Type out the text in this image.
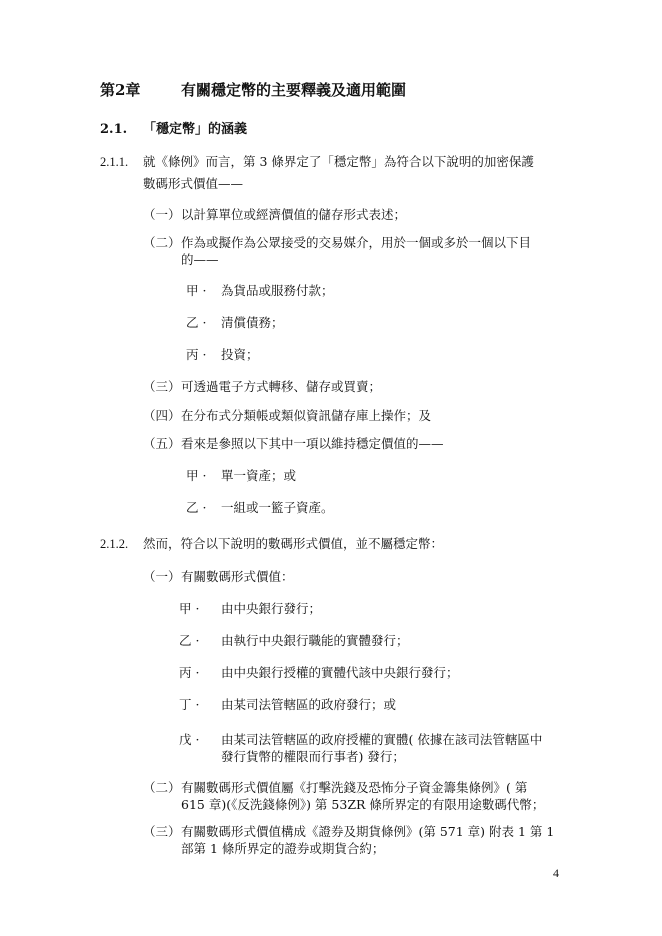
第2章	有關穩定幣的主要釋義及適用範圍
2.1. 「穩定幣」的涵義
2.1.1. 就《條例》而言，第 3 條界定了「穩定幣」為符合以下說明的加密保護
數碼形式價值——
（一） 以計算單位或經濟價值的儲存形式表述；
（二） 作為或擬作為公眾接受的交易媒介，用於一個或多於一個以下目
的——
甲 · 為貨品或服務付款；
乙 · 清償債務；
丙 · 投資；
（三） 可透過電子方式轉移、儲存或買賣；
（四） 在分布式分類帳或類似資訊儲存庫上操作；及
（五） 看來是參照以下其中一項以維持穩定價值的——
甲 · 單一資產；或
乙 · 一組或一籃子資產。
2.1.2. 然而，符合以下說明的數碼形式價值，並不屬穩定幣：
（一） 有關數碼形式價值：
甲 · 由中央銀行發行；
乙 · 由執行中央銀行職能的實體發行；
丙 · 由中央銀行授權的實體代該中央銀行發行；
丁 · 由某司法管轄區的政府發行；或
戊 · 由某司法管轄區的政府授權的實體( 依據在該司法管轄區中
發行貨幣的權限而行事者) 發行；
（二） 有關數碼形式價值屬《打擊洗錢及恐怖分子資金籌集條例》( 第
615 章)(《反洗錢條例》) 第 53ZR 條所界定的有限用途數碼代幣；
（三） 有關數碼形式價值構成《證券及期貨條例》(第 571 章) 附表 1 第 1
部第 1 條所界定的證券或期貨合約；
4
